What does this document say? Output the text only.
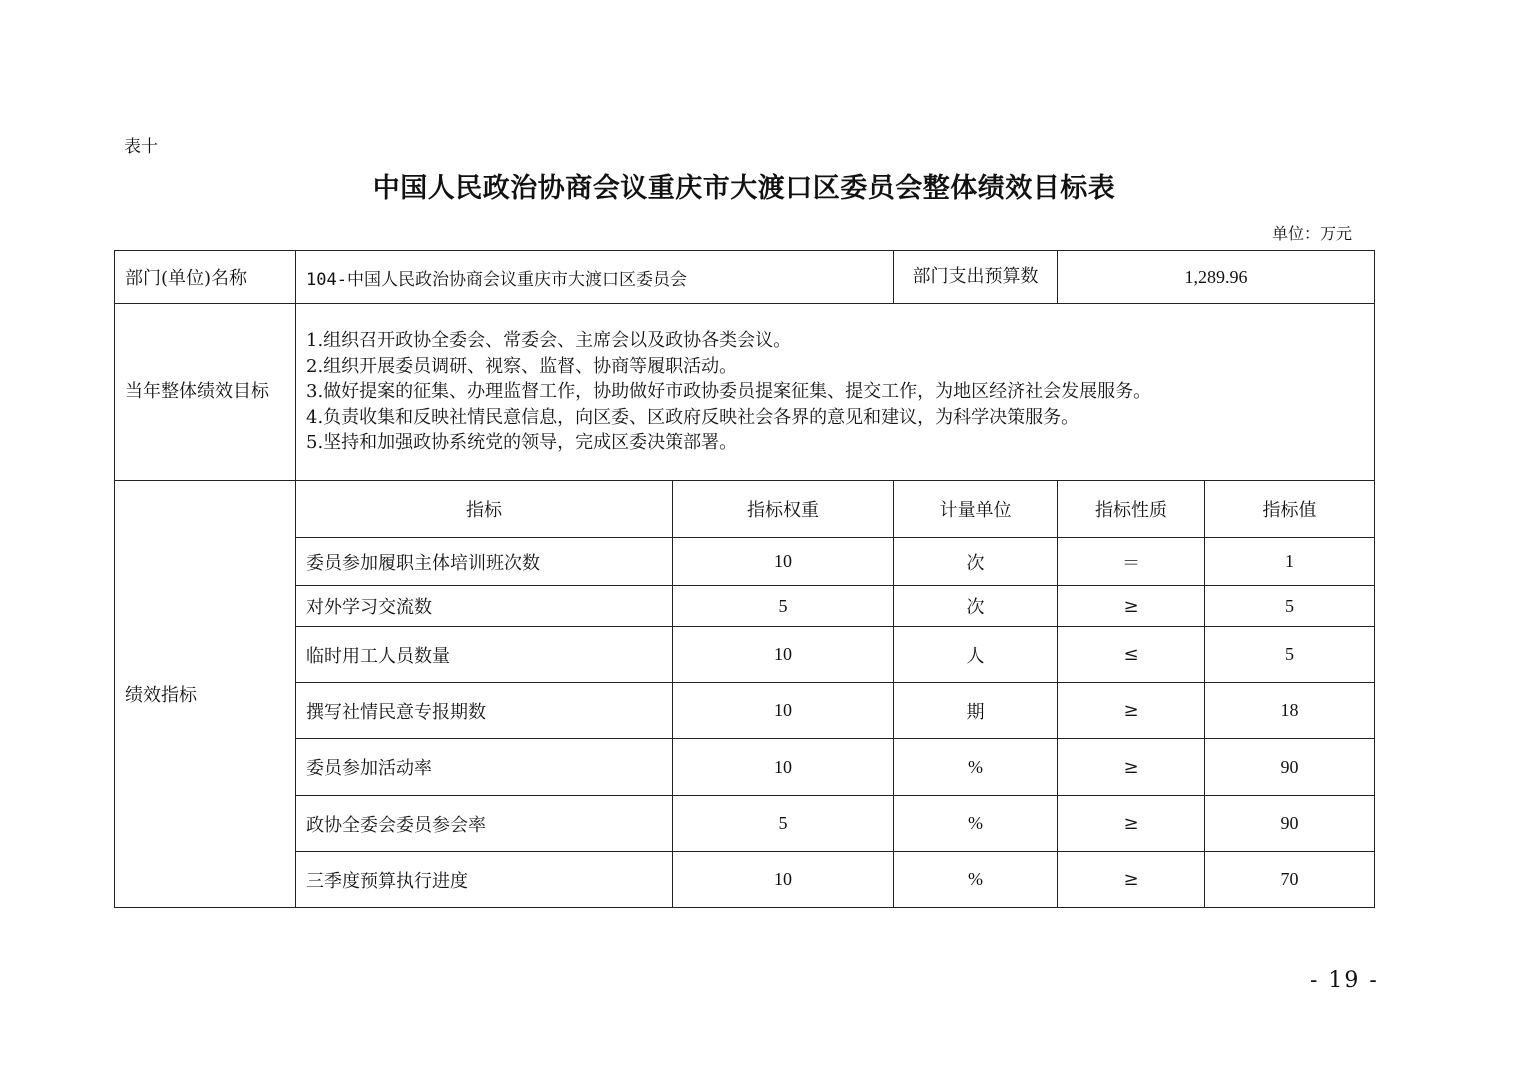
表十
中国人民政治协商会议重庆市大渡口区委员会整体绩效目标表
单位：万元
部门(单位)名称	104-中国人民政治协商会议重庆市大渡口区委员会		部门支出预算数	1,289.96	
当年整体绩效目标	1.组织召开政协全委会、常委会、主席会以及政协各类会议。
2.组织开展委员调研、视察、监督、协商等履职活动。
3.做好提案的征集、办理监督工作，协助做好市政协委员提案征集、提交工作，为地区经济社会发展服务。
4.负责收集和反映社情民意信息，向区委、区政府反映社会各界的意见和建议，为科学决策服务。
5.坚持和加强政协系统党的领导，完成区委决策部署。				

绩效指标	指标	指标权重	计量单位	指标性质	指标值
	委员参加履职主体培训班次数	10	次	＝	1
	对外学习交流数	5	次	≥	5
	临时用工人员数量	10	人	≤	5
	撰写社情民意专报期数	10	期	≥	18
	委员参加活动率	10	%	≥	90
	政协全委会委员参会率	5	%	≥	90
	三季度预算执行进度	10	%	≥	70
- 19 -
